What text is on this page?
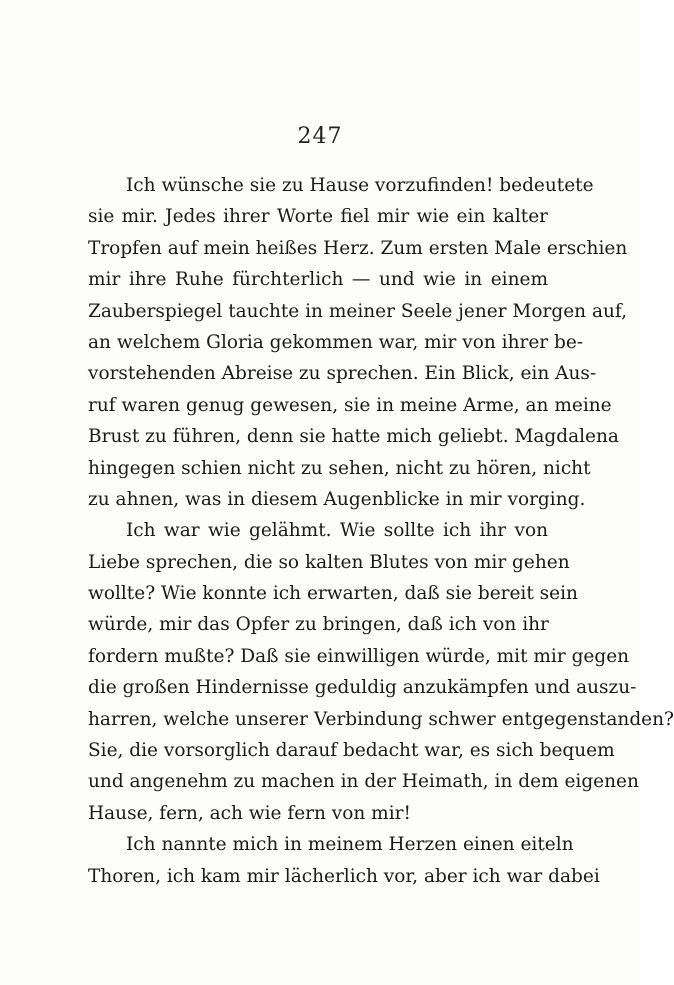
247
Ich wünsche sie zu Hause vorzufinden! bedeutete
sie mir. Jedes ihrer Worte fiel mir wie ein kalter
Tropfen auf mein heißes Herz. Zum ersten Male erschien
mir ihre Ruhe fürchterlich — und wie in einem
Zauberspiegel tauchte in meiner Seele jener Morgen auf,
an welchem Gloria gekommen war, mir von ihrer be-
vorstehenden Abreise zu sprechen. Ein Blick, ein Aus-
ruf waren genug gewesen, sie in meine Arme, an meine
Brust zu führen, denn sie hatte mich geliebt. Magdalena
hingegen schien nicht zu sehen, nicht zu hören, nicht
zu ahnen, was in diesem Augenblicke in mir vorging.
Ich war wie gelähmt. Wie sollte ich ihr von
Liebe sprechen, die so kalten Blutes von mir gehen
wollte? Wie konnte ich erwarten, daß sie bereit sein
würde, mir das Opfer zu bringen, daß ich von ihr
fordern mußte? Daß sie einwilligen würde, mit mir gegen
die großen Hindernisse geduldig anzukämpfen und auszu-
harren, welche unserer Verbindung schwer entgegenstanden?
Sie, die vorsorglich darauf bedacht war, es sich bequem
und angenehm zu machen in der Heimath, in dem eigenen
Hause, fern, ach wie fern von mir!
Ich nannte mich in meinem Herzen einen eiteln
Thoren, ich kam mir lächerlich vor, aber ich war dabei
